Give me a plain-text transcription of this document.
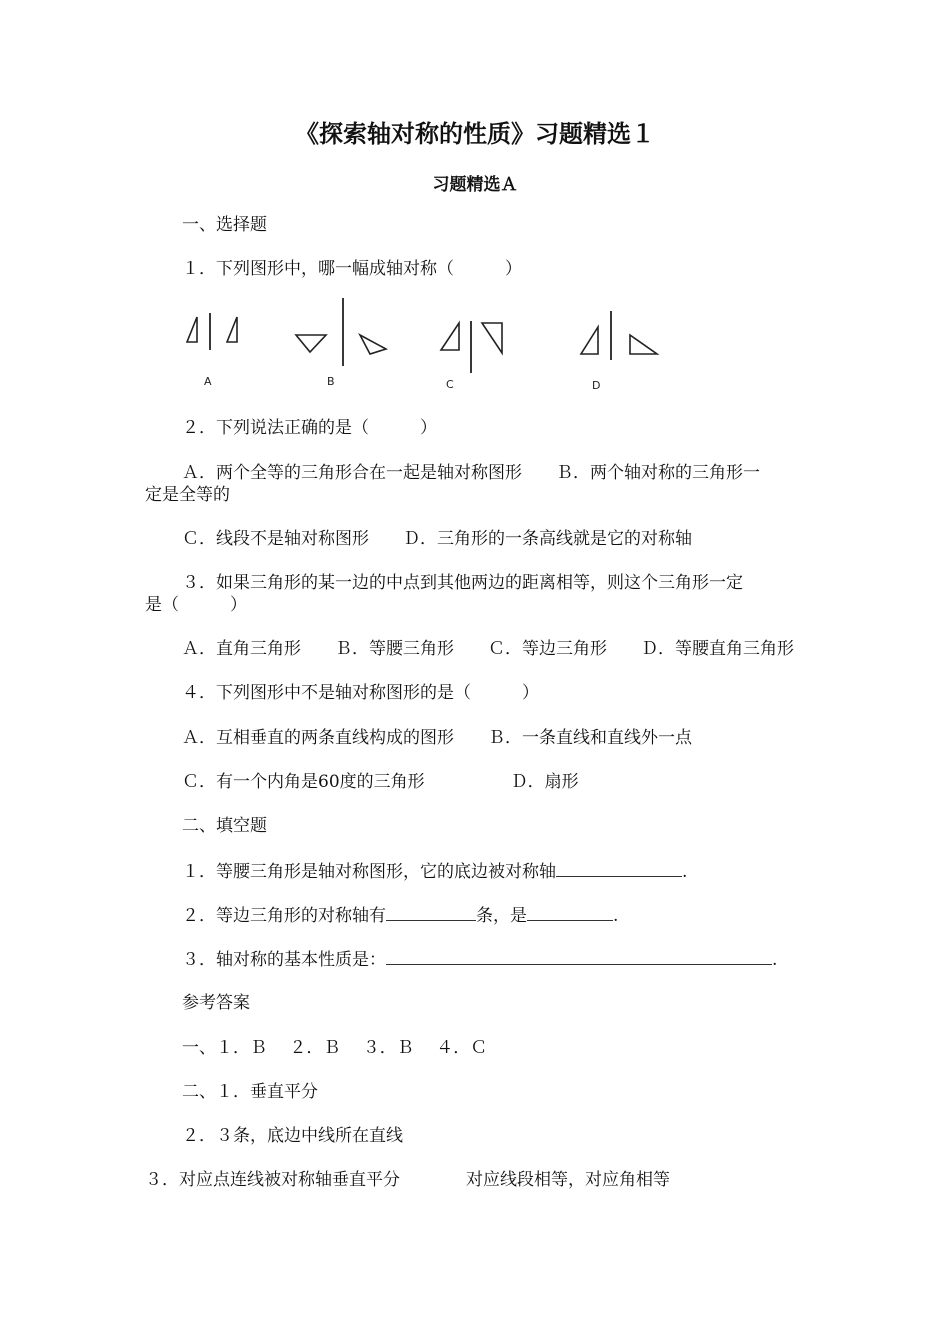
《探索轴对称的性质》习题精选１
习题精选Ａ
一、选择题
１．下列图形中，哪一幅成轴对称（　　　）
A	B	C	D
２．下列说法正确的是（　　　）
Ａ．两个全等的三角形合在一起是轴对称图形　　Ｂ．两个轴对称的三角形一
定是全等的
Ｃ．线段不是轴对称图形　　Ｄ．三角形的一条高线就是它的对称轴
３．如果三角形的某一边的中点到其他两边的距离相等，则这个三角形一定
是（　　　）
Ａ．直角三角形　　Ｂ．等腰三角形　　Ｃ．等边三角形　　Ｄ．等腰直角三角形
４．下列图形中不是轴对称图形的是（　　　）
Ａ．互相垂直的两条直线构成的图形　　Ｂ．一条直线和直线外一点
Ｃ．有一个内角是60度的三角形	Ｄ．扇形
二、填空题
１．等腰三角形是轴对称图形，它的底边被对称轴	.
２．等边三角形的对称轴有	条，是	.
３．轴对称的基本性质是：	.
参考答案
一、１．Ｂ　 ２．Ｂ　 ３．Ｂ　 ４．Ｃ
二、１．垂直平分
２．３条，底边中线所在直线
３．对应点连线被对称轴垂直平分	对应线段相等，对应角相等
